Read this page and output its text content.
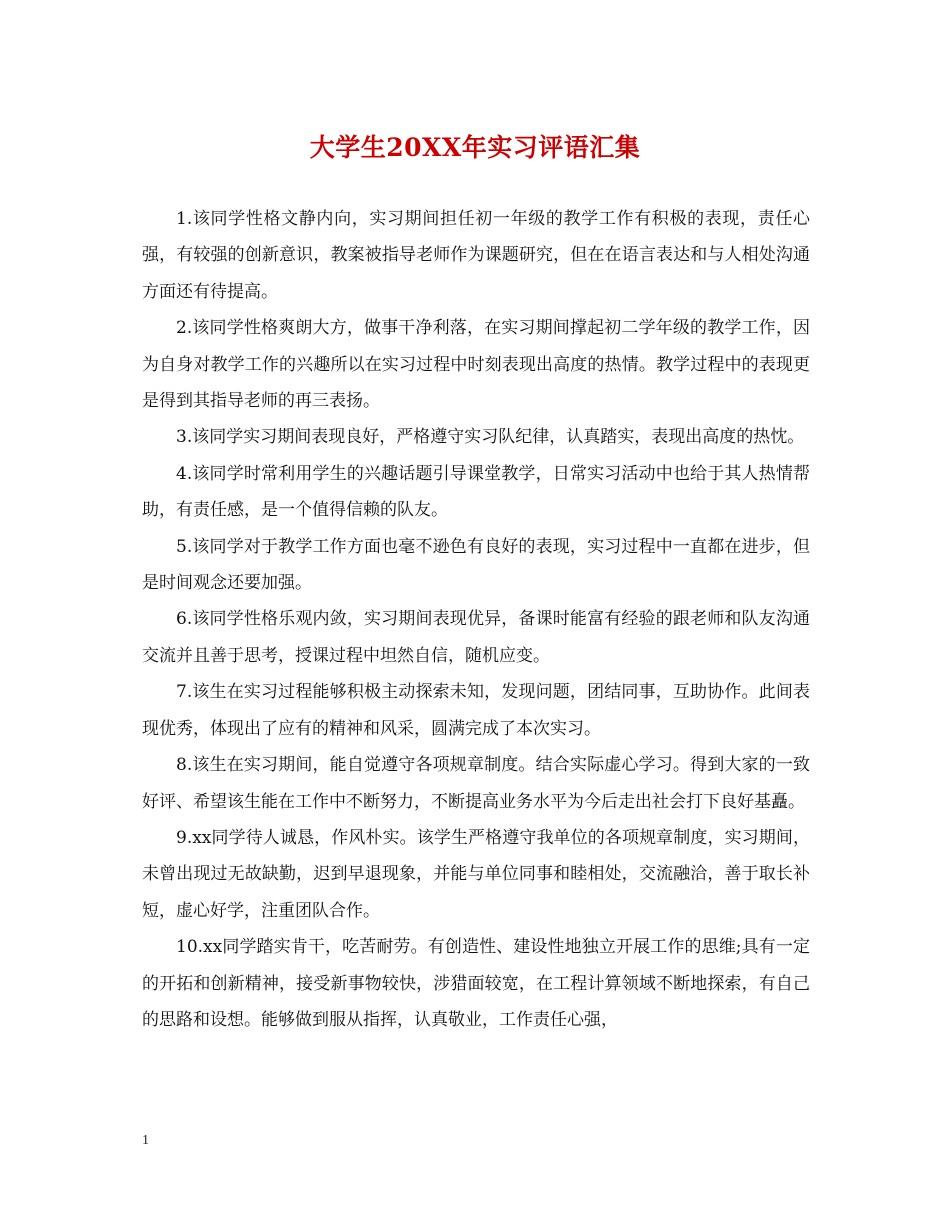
大学生20XX年实习评语汇集

1.该同学性格文静内向，实习期间担任初一年级的教学工作有积极的表现，责任心强，有较强的创新意识，教案被指导老师作为课题研究，但在在语言表达和与人相处沟通方面还有待提高。

2.该同学性格爽朗大方，做事干净利落，在实习期间撑起初二学年级的教学工作，因为自身对教学工作的兴趣所以在实习过程中时刻表现出高度的热情。教学过程中的表现更是得到其指导老师的再三表扬。

3.该同学实习期间表现良好，严格遵守实习队纪律，认真踏实，表现出高度的热忱。

4.该同学时常利用学生的兴趣话题引导课堂教学，日常实习活动中也给于其人热情帮助，有责任感，是一个值得信赖的队友。

5.该同学对于教学工作方面也毫不逊色有良好的表现，实习过程中一直都在进步，但是时间观念还要加强。

6.该同学性格乐观内敛，实习期间表现优异，备课时能富有经验的跟老师和队友沟通交流并且善于思考，授课过程中坦然自信，随机应变。

7.该生在实习过程能够积极主动探索未知，发现问题，团结同事，互助协作。此间表现优秀，体现出了应有的精神和风采，圆满完成了本次实习。

8.该生在实习期间，能自觉遵守各项规章制度。结合实际虚心学习。得到大家的一致好评、希望该生能在工作中不断努力，不断提高业务水平为今后走出社会打下良好基矗。

9.xx同学待人诚恳，作风朴实。该学生严格遵守我单位的各项规章制度，实习期间，未曾出现过无故缺勤，迟到早退现象，并能与单位同事和睦相处，交流融洽，善于取长补短，虚心好学，注重团队合作。

10.xx同学踏实肯干，吃苦耐劳。有创造性、建设性地独立开展工作的思维;具有一定的开拓和创新精神，接受新事物较快，涉猎面较宽，在工程计算领域不断地探索，有自己的思路和设想。能够做到服从指挥，认真敬业，工作责任心强，

1
